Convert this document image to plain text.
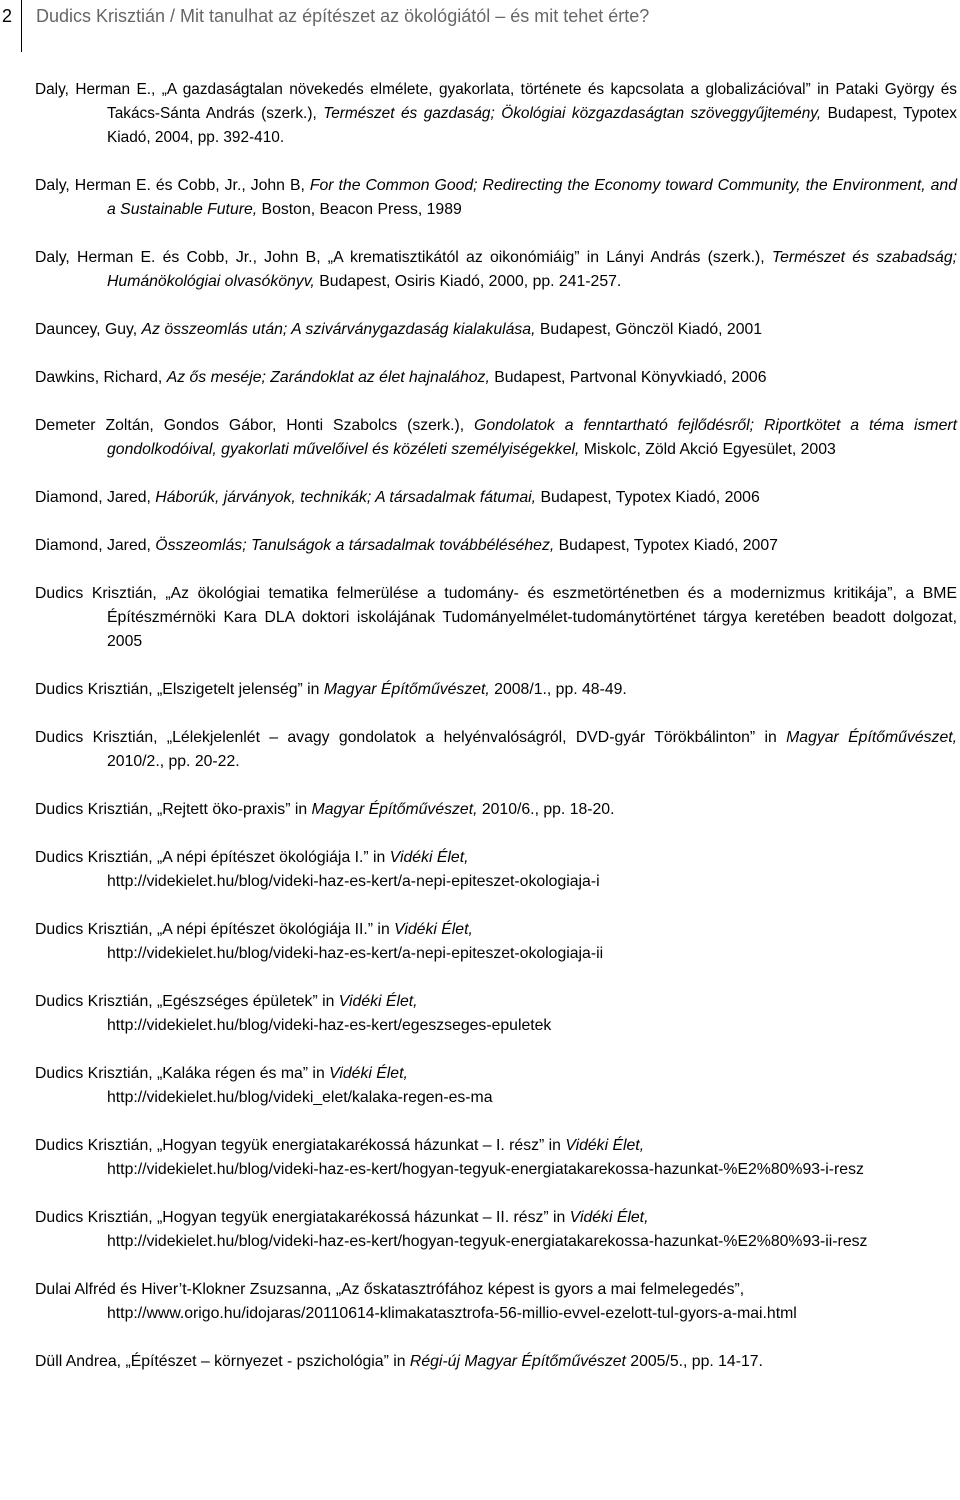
2 Dudics Krisztián / Mit tanulhat az építészet az ökológiától – és mit tehet érte?

Daly, Herman E., „A gazdaságtalan növekedés elmélete, gyakorlata, története és kapcsolata a globalizációval” in Pataki György és Takács-Sánta András (szerk.), Természet és gazdaság; Ökológiai közgazdaságtan szöveggyűjtemény, Budapest, Typotex Kiadó, 2004, pp. 392-410.

Daly, Herman E. és Cobb, Jr., John B, For the Common Good; Redirecting the Economy toward Community, the Environment, and a Sustainable Future, Boston, Beacon Press, 1989

Daly, Herman E. és Cobb, Jr., John B, „A krematisztikától az oikonómiáig” in Lányi András (szerk.), Természet és szabadság; Humánökológiai olvasókönyv, Budapest, Osiris Kiadó, 2000, pp. 241-257.

Dauncey, Guy, Az összeomlás után; A szivárványgazdaság kialakulása, Budapest, Gönczöl Kiadó, 2001

Dawkins, Richard, Az ős meséje; Zarándoklat az élet hajnalához, Budapest, Partvonal Könyvkiadó, 2006

Demeter Zoltán, Gondos Gábor, Honti Szabolcs (szerk.), Gondolatok a fenntartható fejlődésről; Riportkötet a téma ismert gondolkodóival, gyakorlati művelőivel és közéleti személyiségekkel, Miskolc, Zöld Akció Egyesület, 2003

Diamond, Jared, Háborúk, járványok, technikák; A társadalmak fátumai, Budapest, Typotex Kiadó, 2006

Diamond, Jared, Összeomlás; Tanulságok a társadalmak továbbéléséhez, Budapest, Typotex Kiadó, 2007

Dudics Krisztián, „Az ökológiai tematika felmerülése a tudomány- és eszmetörténetben és a modernizmus kritikája”, a BME Építészmérnöki Kara DLA doktori iskolájának Tudományelmélet-tudománytörténet tárgya keretében beadott dolgozat, 2005

Dudics Krisztián, „Elszigetelt jelenség” in Magyar Építőművészet, 2008/1., pp. 48-49.

Dudics Krisztián, „Lélekjelenlét – avagy gondolatok a helyénvalóságról, DVD-gyár Törökbálinton” in Magyar Építőművészet, 2010/2., pp. 20-22.

Dudics Krisztián, „Rejtett öko-praxis” in Magyar Építőművészet, 2010/6., pp. 18-20.

Dudics Krisztián, „A népi építészet ökológiája I.” in Vidéki Élet,
http://videkielet.hu/blog/videki-haz-es-kert/a-nepi-epiteszet-okologiaja-i

Dudics Krisztián, „A népi építészet ökológiája II.” in Vidéki Élet,
http://videkielet.hu/blog/videki-haz-es-kert/a-nepi-epiteszet-okologiaja-ii

Dudics Krisztián, „Egészséges épületek” in Vidéki Élet,
http://videkielet.hu/blog/videki-haz-es-kert/egeszseges-epuletek

Dudics Krisztián, „Kaláka régen és ma” in Vidéki Élet,
http://videkielet.hu/blog/videki_elet/kalaka-regen-es-ma

Dudics Krisztián, „Hogyan tegyük energiatakarékossá házunkat – I. rész” in Vidéki Élet,
http://videkielet.hu/blog/videki-haz-es-kert/hogyan-tegyuk-energiatakarekossa-hazunkat-%E2%80%93-i-resz

Dudics Krisztián, „Hogyan tegyük energiatakarékossá házunkat – II. rész” in Vidéki Élet,
http://videkielet.hu/blog/videki-haz-es-kert/hogyan-tegyuk-energiatakarekossa-hazunkat-%E2%80%93-ii-resz

Dulai Alfréd és Hiver’t-Klokner Zsuzsanna, „Az őskatasztrófához képest is gyors a mai felmelegedés”,
http://www.origo.hu/idojaras/20110614-klimakatasztrofa-56-millio-evvel-ezelott-tul-gyors-a-mai.html

Düll Andrea, „Építészet – környezet - pszichológia” in Régi-új Magyar Építőművészet 2005/5., pp. 14-17.
